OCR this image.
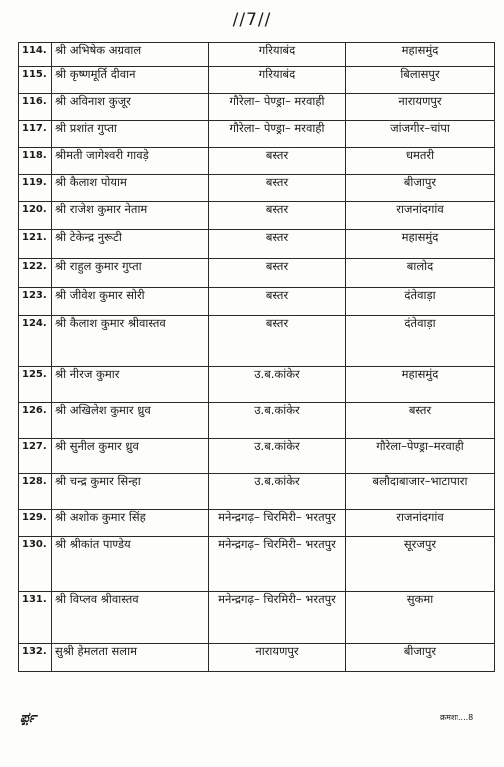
//7//
114.	श्री अभिषेक अग्रवाल	गरियाबंद	महासमुंद
115.	श्री कृष्णमूर्ति दीवान	गरियाबंद	बिलासपुर
116.	श्री अविनाश कुजूर	गौरेला– पेण्ड्रा– मरवाही	नारायणपुर
117.	श्री प्रशांत गुप्ता	गौरेला– पेण्ड्रा– मरवाही	जांजगीर–चांपा
118.	श्रीमती जागेश्वरी गावड़े	बस्तर	धमतरी
119.	श्री कैलाश पोयाम	बस्तर	बीजापुर
120.	श्री राजेश कुमार नेताम	बस्तर	राजनांदगांव
121.	श्री टेकेन्द्र नुरूटी	बस्तर	महासमुंद
122.	श्री राहुल कुमार गुप्ता	बस्तर	बालोद
123.	श्री जीवेश कुमार सोरी	बस्तर	दंतेवाड़ा
124.	श्री कैलाश कुमार श्रीवास्तव	बस्तर	दंतेवाड़ा
125.	श्री नीरज कुमार	उ.ब.कांकेर	महासमुंद
126.	श्री अखिलेश कुमार ध्रुव	उ.ब.कांकेर	बस्तर
127.	श्री सुनील कुमार ध्रुव	उ.ब.कांकेर	गौरेला–पेण्ड्रा–मरवाही
128.	श्री चन्द्र कुमार सिन्हा	उ.ब.कांकेर	बलौदाबाजार–भाटापारा
129.	श्री अशोक कुमार सिंह	मनेन्द्रगढ़– चिरमिरी– भरतपुर	राजनांदगांव
130.	श्री श्रीकांत पाण्डेय	मनेन्द्रगढ़– चिरमिरी– भरतपुर	सूरजपुर
131.	श्री विप्लव श्रीवास्तव	मनेन्द्रगढ़– चिरमिरी– भरतपुर	सुकमा
132.	सुश्री हेमलता सलाम	नारायणपुर	बीजापुर
ರ್ಫ಼	क्रमशः....8
